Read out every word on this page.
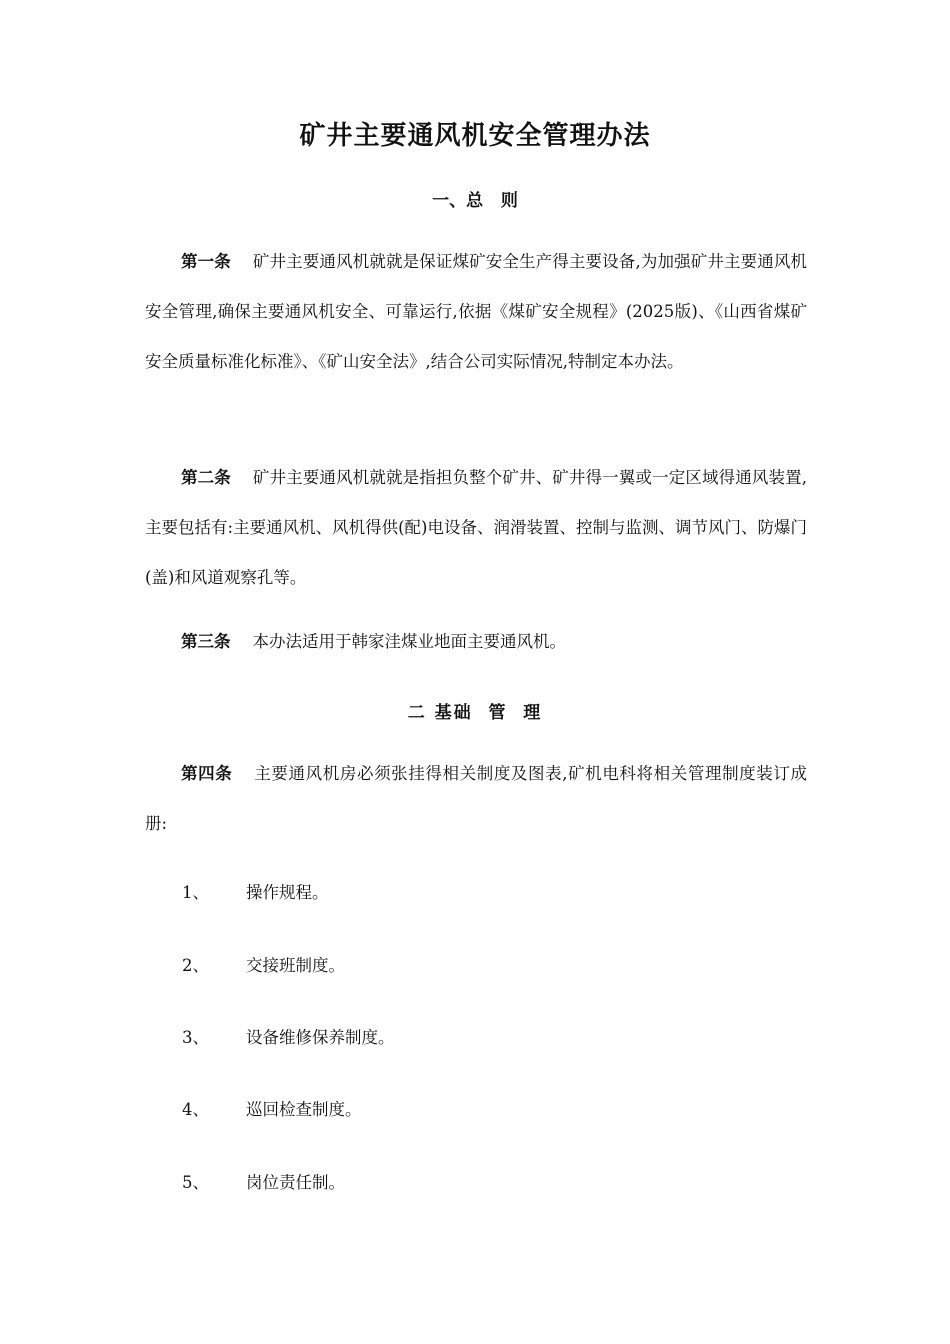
矿井主要通风机安全管理办法
一、总   则

第一条 矿井主要通风机就就是保证煤矿安全生产得主要设备,为加强矿井主要通风机安全管理,确保主要通风机安全、可靠运行,依据《煤矿安全规程》(2025版)、《山西省煤矿安全质量标准化标准》、《矿山安全法》,结合公司实际情况,特制定本办法。

第二条 矿井主要通风机就就是指担负整个矿井、矿井得一翼或一定区域得通风装置,主要包括有:主要通风机、风机得供(配)电设备、润滑装置、控制与监测、调节风门、防爆门(盖)和风道观察孔等。

第三条 本办法适用于韩家洼煤业地面主要通风机。

二 基础  管  理

第四条 主要通风机房必须张挂得相关制度及图表,矿机电科将相关管理制度装订成册:

1、 操作规程。

2、 交接班制度。

3、 设备维修保养制度。

4、 巡回检查制度。

5、 岗位责任制。
